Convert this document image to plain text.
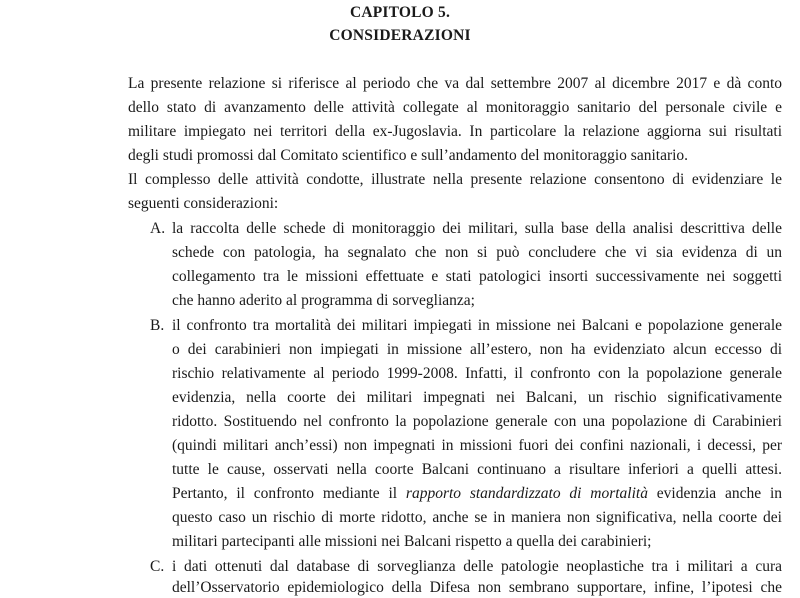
CAPITOLO 5.
CONSIDERAZIONI
La presente relazione si riferisce al periodo che va dal settembre 2007 al dicembre 2017 e dà conto
dello stato di avanzamento delle attività collegate al monitoraggio sanitario del personale civile e
militare impiegato nei territori della ex-Jugoslavia. In particolare la relazione aggiorna sui risultati
degli studi promossi dal Comitato scientifico e sull’andamento del monitoraggio sanitario.
Il complesso delle attività condotte, illustrate nella presente relazione consentono di evidenziare le
seguenti considerazioni:
A. la raccolta delle schede di monitoraggio dei militari, sulla base della analisi descrittiva delle
schede con patologia, ha segnalato che non si può concludere che vi sia evidenza di un
collegamento tra le missioni effettuate e stati patologici insorti successivamente nei soggetti
che hanno aderito al programma di sorveglianza;
B. il confronto tra mortalità dei militari impiegati in missione nei Balcani e popolazione generale
o dei carabinieri non impiegati in missione all’estero, non ha evidenziato alcun eccesso di
rischio relativamente al periodo 1999-2008. Infatti, il confronto con la popolazione generale
evidenzia, nella coorte dei militari impegnati nei Balcani, un rischio significativamente
ridotto. Sostituendo nel confronto la popolazione generale con una popolazione di Carabinieri
(quindi militari anch’essi) non impegnati in missioni fuori dei confini nazionali, i decessi, per
tutte le cause, osservati nella coorte Balcani continuano a risultare inferiori a quelli attesi.
Pertanto, il confronto mediante il rapporto standardizzato di mortalità evidenzia anche in
questo caso un rischio di morte ridotto, anche se in maniera non significativa, nella coorte dei
militari partecipanti alle missioni nei Balcani rispetto a quella dei carabinieri;
C. i dati ottenuti dal database di sorveglianza delle patologie neoplastiche tra i militari a cura
dell’Osservatorio epidemiologico della Difesa non sembrano supportare, infine, l’ipotesi che
